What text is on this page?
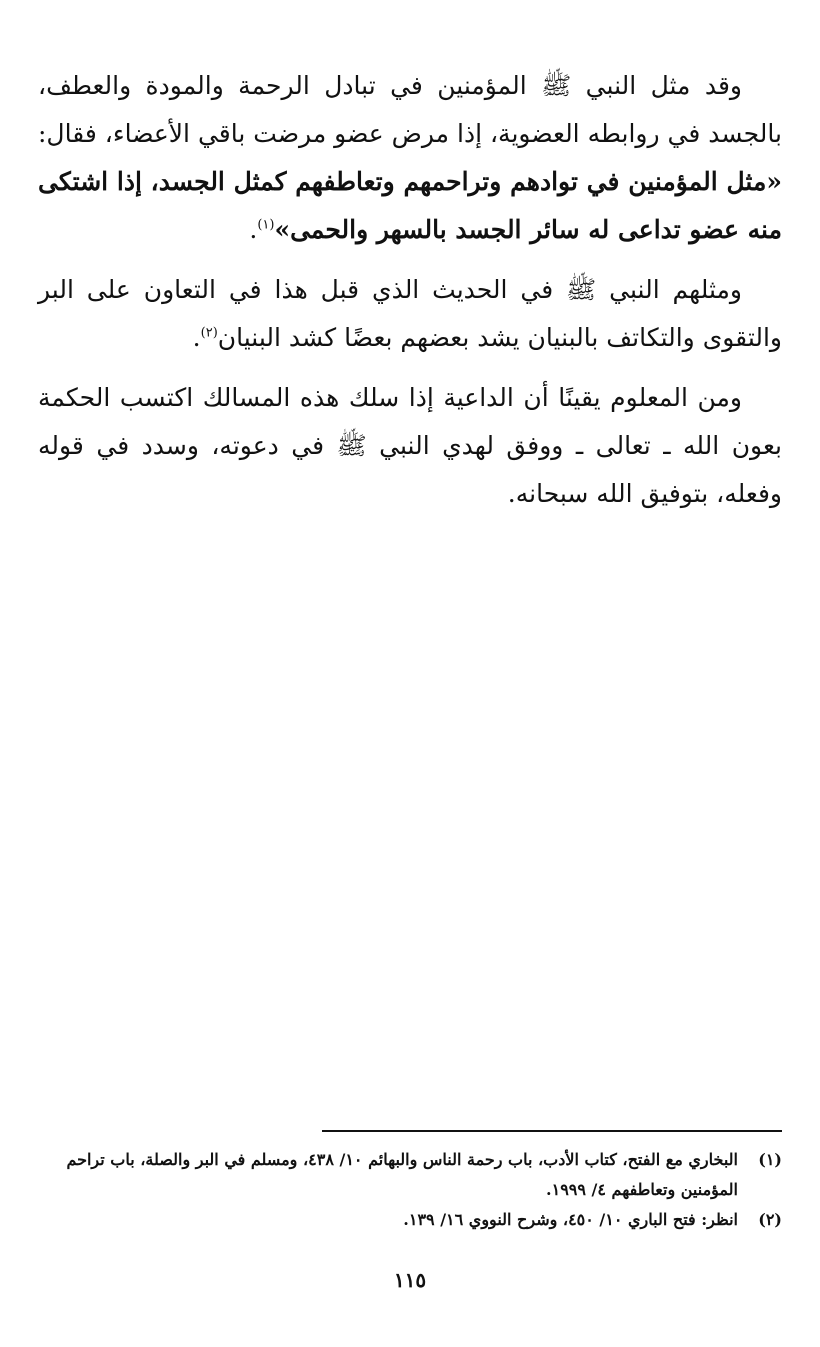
وقد مثل النبي ﷺ المؤمنين في تبادل الرحمة والمودة والعطف، بالجسد في روابطه العضوية، إذا مرض عضو مرضت باقي الأعضاء، فقال: «مثل المؤمنين في توادهم وتراحمهم وتعاطفهم كمثل الجسد، إذا اشتكى منه عضو تداعى له سائر الجسد بالسهر والحمى»$^{(١)}$.

ومثلهم النبي ﷺ في الحديث الذي قبل هذا في التعاون على البر والتقوى والتكاتف بالبنيان يشد بعضهم بعضًا كشد البنيان$^{(٢)}$.

ومن المعلوم يقينًا أن الداعية إذا سلك هذه المسالك اكتسب الحكمة بعون الله ـ تعالى ـ ووفق لهدي النبي ﷺ في دعوته، وسدد في قوله وفعله، بتوفيق الله سبحانه.

(١)
البخاري مع الفتح، كتاب الأدب، باب رحمة الناس والبهائم ١٠/ ٤٣٨، ومسلم في البر والصلة، باب تراحم المؤمنين وتعاطفهم ٤/ ١٩٩٩.
(٢)
انظر: فتح الباري ١٠/ ٤٥٠، وشرح النووي ١٦/ ١٣٩.
١١٥
